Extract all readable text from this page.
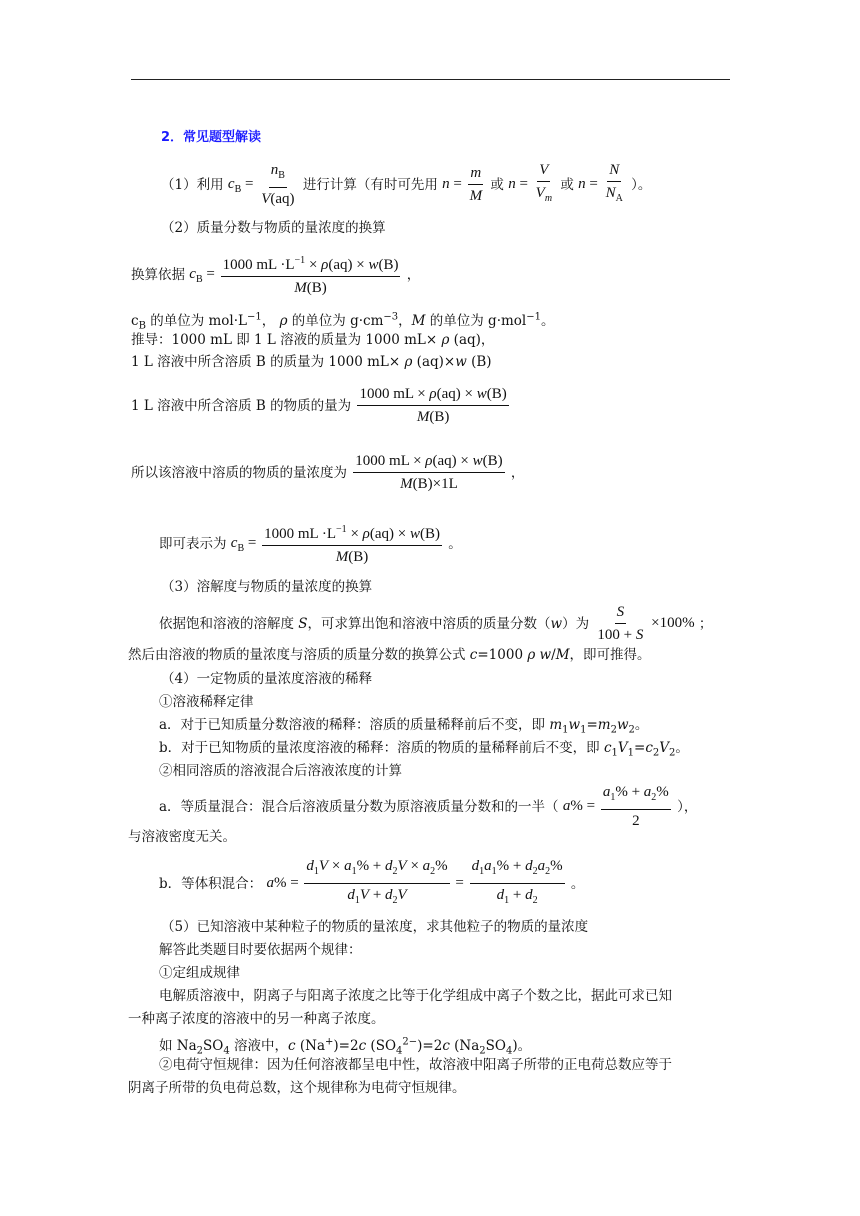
2．常见题型解读
（1）利用 $c_B = \frac{n_B}{V(aq)}$ 进行计算（有时可先用 $n = \frac{m}{M}$ 或 $n = \frac{V}{V_m}$ 或 $n = \frac{N}{N_A}$ ）。
（2）质量分数与物质的量浓度的换算
换算依据 $c_B = \frac{1000 mL \cdot L^{-1} \times \rho(aq) \times w(B)}{M(B)}$ ，
$c_B$ 的单位为 $mol\cdot L^{-1}$， ρ 的单位为 $g\cdot cm^{-3}$，M 的单位为 g·mol$^{-1}$。
推导：1000 mL 即 1 L 溶液的质量为 1000 mL× ρ (aq)，
1 L 溶液中所含溶质 B 的质量为 1000 mL× ρ (aq)×w (B)
1 L 溶液中所含溶质 B 的物质的量为 $\frac{1000 mL \times \rho(aq) \times w(B)}{M(B)}$
所以该溶液中溶质的物质的量浓度为 $\frac{1000 mL \times \rho(aq) \times w(B)}{M(B)\times 1L}$ ，
即可表示为 $c_B = \frac{1000 mL \cdot L^{-1} \times \rho(aq) \times w(B)}{M(B)}$ 。
（3）溶解度与物质的量浓度的换算
依据饱和溶液的溶解度 S，可求算出饱和溶液中溶质的质量分数（w）为 $\frac{S}{100 + S} \times 100\%$ ；
然后由溶液的物质的量浓度与溶质的质量分数的换算公式 c=1000 ρ w/M，即可推得。
（4）一定物质的量浓度溶液的稀释
①溶液稀释定律
a．对于已知质量分数溶液的稀释：溶质的质量稀释前后不变，即 $m_1w_1=m_2w_2$。
b．对于已知物质的量浓度溶液的稀释：溶质的物质的量稀释前后不变，即 $c_1V_1=c_2V_2$。
②相同溶质的溶液混合后溶液浓度的计算
a．等质量混合：混合后溶液质量分数为原溶液质量分数和的一半（ $a\% = \frac{a_1\% + a_2\%}{2}$ ），
与溶液密度无关。
b．等体积混合： $a\% = \frac{d_1V \times a_1\% + d_2V \times a_2\%}{d_1V + d_2V} = \frac{d_1a_1\% + d_2a_2\%}{d_1 + d_2}$ 。
（5）已知溶液中某种粒子的物质的量浓度，求其他粒子的物质的量浓度
解答此类题目时要依据两个规律：
①定组成规律
电解质溶液中，阴离子与阳离子浓度之比等于化学组成中离子个数之比，据此可求已知
一种离子浓度的溶液中的另一种离子浓度。
如 $Na_2SO_4$ 溶液中，c (Na+)=2c $(SO_4^{2-})=2c$ $(Na_2SO_4)$。
②电荷守恒规律：因为任何溶液都呈电中性，故溶液中阳离子所带的正电荷总数应等于
阴离子所带的负电荷总数，这个规律称为电荷守恒规律。
